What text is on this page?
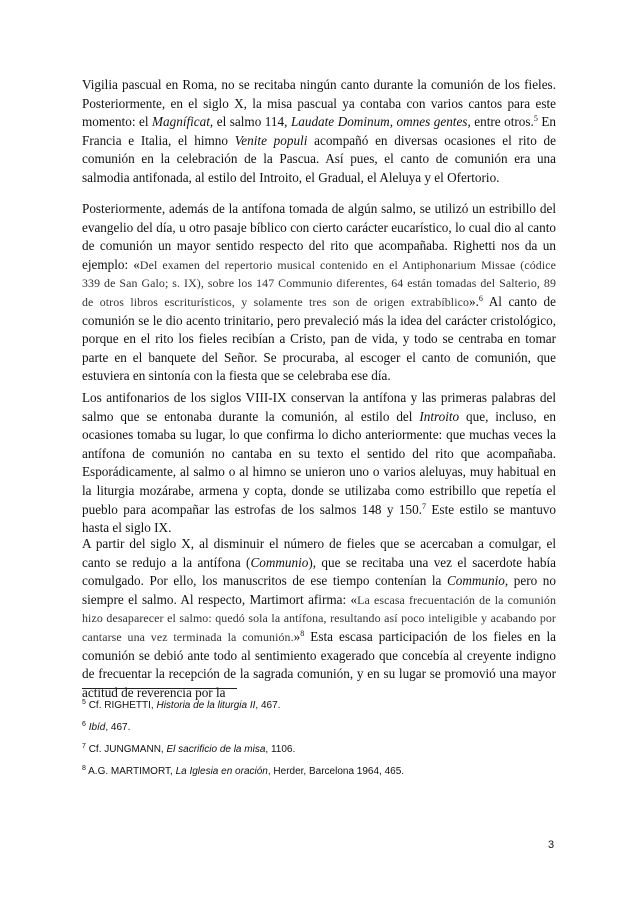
Vigilia pascual en Roma, no se recitaba ningún canto durante la comunión de los fieles. Posteriormente, en el siglo X, la misa pascual ya contaba con varios cantos para este momento: el Magníficat, el salmo 114, Laudate Dominum, omnes gentes, entre otros.$^5$ En Francia e Italia, el himno Venite populi acompañó en diversas ocasiones el rito de comunión en la celebración de la Pascua. Así pues, el canto de comunión era una salmodia antifonada, al estilo del Introito, el Gradual, el Aleluya y el Ofertorio.

Posteriormente, además de la antífona tomada de algún salmo, se utilizó un estribillo del evangelio del día, u otro pasaje bíblico con cierto carácter eucarístico, lo cual dio al canto de comunión un mayor sentido respecto del rito que acompañaba. Righetti nos da un ejemplo: «Del examen del repertorio musical contenido en el Antiphonarium Missae (códice 339 de San Galo; s. IX), sobre los 147 Communio diferentes, 64 están tomadas del Salterio, 89 de otros libros escriturísticos, y solamente tres son de origen extrabíblico».$^6$ Al canto de comunión se le dio acento trinitario, pero prevaleció más la idea del carácter cristológico, porque en el rito los fieles recibían a Cristo, pan de vida, y todo se centraba en tomar parte en el banquete del Señor. Se procuraba, al escoger el canto de comunión, que estuviera en sintonía con la fiesta que se celebraba ese día.

Los antifonarios de los siglos VIII-IX conservan la antífona y las primeras palabras del salmo que se entonaba durante la comunión, al estilo del Introito que, incluso, en ocasiones tomaba su lugar, lo que confirma lo dicho anteriormente: que muchas veces la antífona de comunión no cantaba en su texto el sentido del rito que acompañaba. Esporádicamente, al salmo o al himno se unieron uno o varios aleluyas, muy habitual en la liturgia mozárabe, armena y copta, donde se utilizaba como estribillo que repetía el pueblo para acompañar las estrofas de los salmos 148 y 150.$^7$ Este estilo se mantuvo hasta el siglo IX.

A partir del siglo X, al disminuir el número de fieles que se acercaban a comulgar, el canto se redujo a la antífona (Communio), que se recitaba una vez el sacerdote había comulgado. Por ello, los manuscritos de ese tiempo contenían la Communio, pero no siempre el salmo. Al respecto, Martimort afirma: «La escasa frecuentación de la comunión hizo desaparecer el salmo: quedó sola la antífona, resultando así poco inteligible y acabando por cantarse una vez terminada la comunión.»$^8$ Esta escasa participación de los fieles en la comunión se debió ante todo al sentimiento exagerado que concebía al creyente indigno de frecuentar la recepción de la sagrada comunión, y en su lugar se promovió una mayor actitud de reverencia por la

$^5$ Cf. RIGHETTI, Historia de la liturgia II, 467.

$^6$ Ibíd, 467.

$^7$ Cf. JUNGMANN, El sacrificio de la misa, 1106.

$^8$ A.G. MARTIMORT, La Iglesia en oración, Herder, Barcelona 1964, 465.

3
